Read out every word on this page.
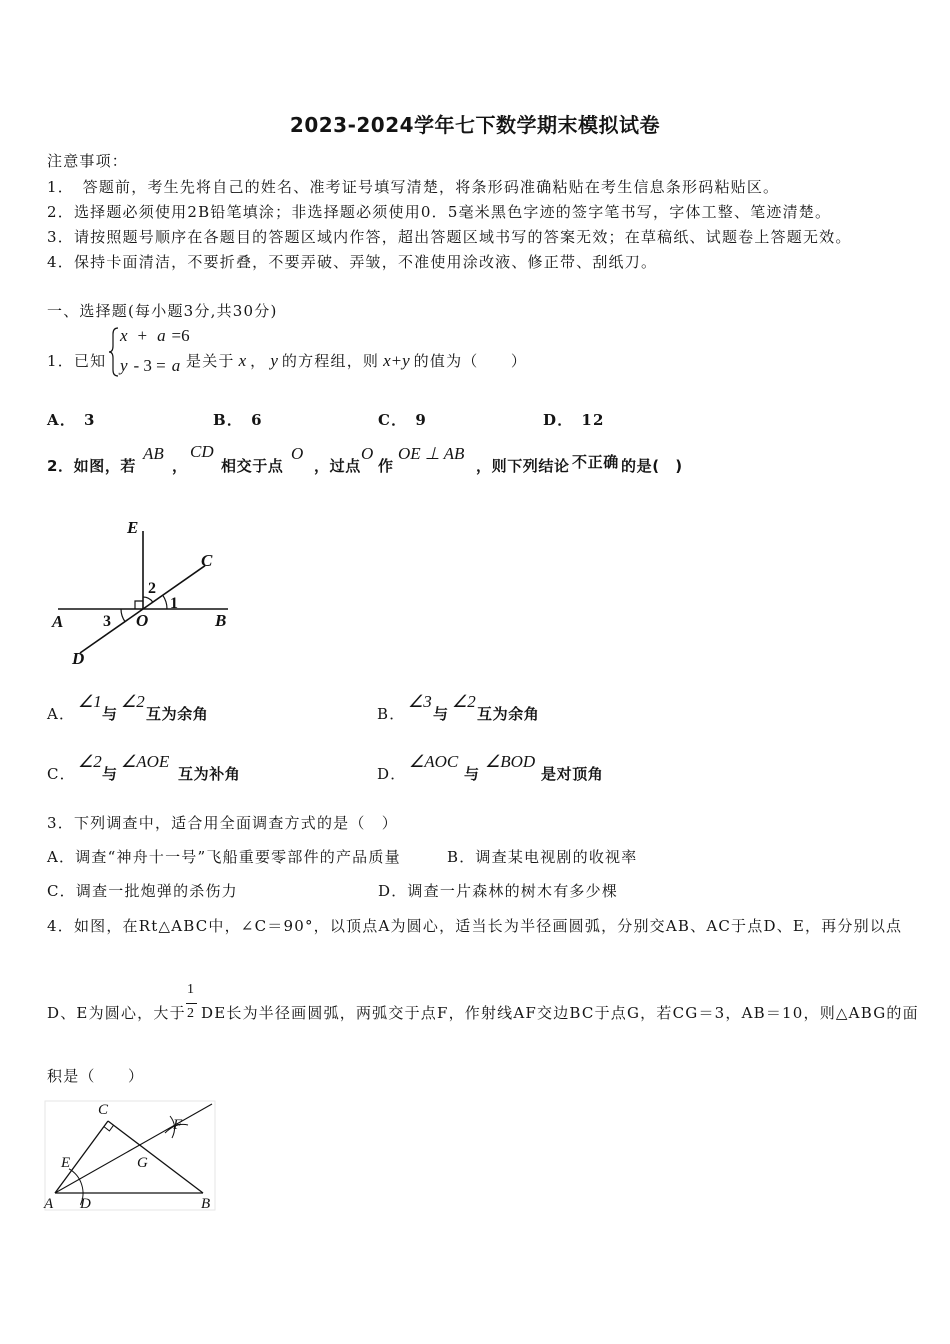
2023-2024学年七下数学期末模拟试卷
注意事项：
1．　答题前，考生先将自己的姓名、准考证号填写清楚，将条形码准确粘贴在考生信息条形码粘贴区。
2．选择题必须使用2B铅笔填涂；非选择题必须使用0．5毫米黑色字迹的签字笔书写，字体工整、笔迹清楚。
3．请按照题号顺序在各题目的答题区域内作答，超出答题区域书写的答案无效；在草稿纸、试题卷上答题无效。
4．保持卡面清洁，不要折叠，不要弄破、弄皱，不准使用涂改液、修正带、刮纸刀。
一、选择题(每小题3分,共30分)
1．已知
x + a =6
y - 3 = a 是关于 x ， y 的方程组，则 x+y 的值为（　　）
A． 3	B． 6	C． 9	D． 12
2．如图，若
AB
，
CD
相交于点
O
，过点
O
作
OE ⊥ AB
，则下列结论 不正确 的是(　)
E
C
2
1
A 3 O	B
D
A．
∠1
与
∠2
互为余角	B．
∠3
与
∠2
互为余角
C．
∠2
与
∠AOE
互为补角	D．
∠AOC
与
∠BOD
是对顶角
3．下列调查中，适合用全面调查方式的是（　）
A．调查“神舟十一号”飞船重要零部件的产品质量	B．调查某电视剧的收视率
C．调查一批炮弹的杀伤力	D．调查一片森林的树木有多少棵
4．如图，在Rt△ABC中，∠C＝90°，以顶点A为圆心，适当长为半径画圆弧，分别交AB、AC于点D、E，再分别以点
D、E为圆心，大于
1
2 DE长为半径画圆弧，两弧交于点F，作射线AF交边BC于点G，若CG＝3，AB＝10，则△ABG的面
积是（　　）
C
F
E	G
A D	B
